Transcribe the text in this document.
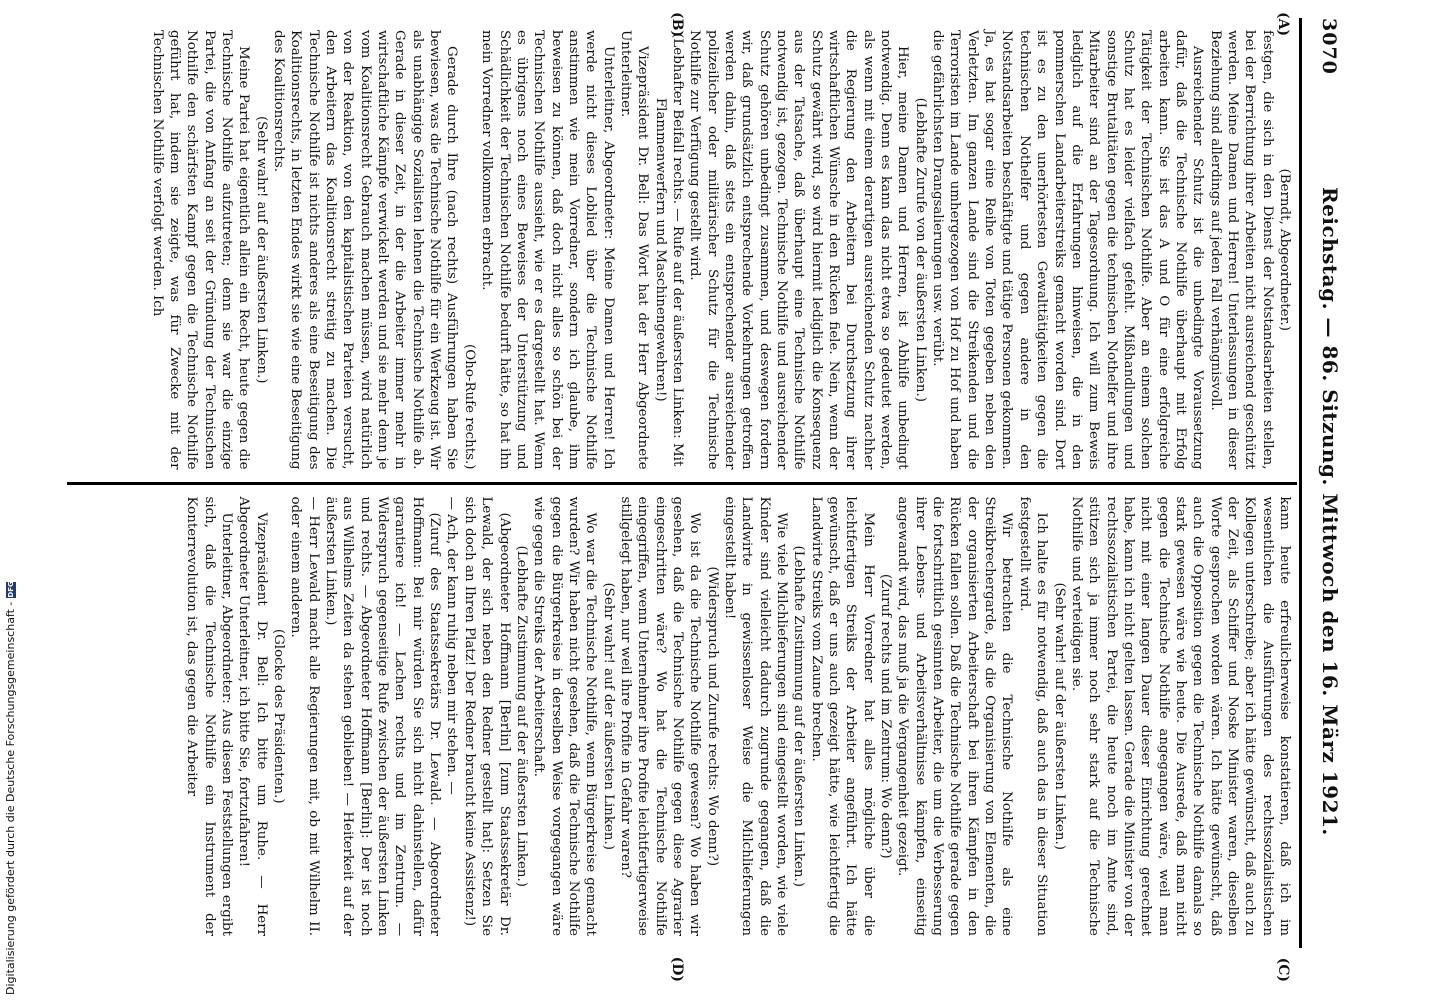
3070
Reichstag. — 86. Sitzung. Mittwoch den 16. März 1921.
(A)
(B)
(C)
(D)

(Berndt, Abgeordneter.)

festgen, die sich in den Dienst der Notstandsarbeiten stellen, bei der Berrichtung ihrer Arbeiten nicht ausreichend geschützt werden. Meine Damen und Herren! Unterlassungen in dieser Beziehung sind allerdings auf jeden Fall verhängnisvoll.

Ausreichender Schutz ist die unbedingte Voraussetzung dafür, daß die Technische Nothilfe überhaupt mit Erfolg arbeiten kann. Sie ist das A und O für eine erfolgreiche Tätigkeit der Technischen Nothilfe. Aber an einem solchen Schutz hat es leider vielfach gefehlt. Mißhandlungen und sonstige Brutalitäten gegen die technischen Nothelfer und ihre Mitarbeiter sind an der Tagesordnung. Ich will zum Beweis lediglich auf die Erfahrungen hinweisen, die in den pommerschen Landarbeiterstreiks gemacht worden sind. Dort ist es zu den unerhörtesten Gewalttätigkeiten gegen die technischen Nothelfer und gegen andere in den Notstandsarbeiten beschäftigte und tätige Personen gekommen. Ja, es hat sogar eine Reihe von Toten gegeben neben den Verletzten. Im ganzen Lande sind die Streikenden und die Terroristen im Lande umhergezogen von Hof zu Hof und haben die gefährlichsten Drangsalierungen usw. verübt.

(Lebhafte Zurufe von der äußersten Linken.)

Hier, meine Damen und Herren, ist Abhilfe unbedingt notwendig. Denn es kann das nicht etwa so gedeutet werden, als wenn mit einem derartigen ausreichenden Schutz nachher die Regierung den Arbeitern bei Durchsetzung ihrer wirtschaftlichen Wünsche in den Rücken fiele. Nein, wenn der Schutz gewährt wird, so wird hiermit lediglich die Konsequenz aus der Tatsache, daß überhaupt eine Technische Nothilfe notwendig ist, gezogen. Technische Nothilfe und ausreichender Schutz gehören unbedingt zusammen, und deswegen fordern wir, daß grundsätzlich entsprechende Vorkehrungen getroffen werden dahin, daß stets ein entsprechender ausreichender polizeilicher oder militärischer Schutz für die Technische Nothilfe zur Verfügung gestellt wird.

(Lebhafter Beifall rechts. — Rufe auf der äußersten Linken: Mit Flammenwerfern und Maschinengewehren!)

Vizepräsident Dr. Bell: Das Wort hat der Herr Abgeordnete Unterleitner.

Unterleitner, Abgeordneter: Meine Damen und Herren! Ich werde nicht dieses Loblied über die Technische Nothilfe anstimmen wie mein Vorredner, sondern ich glaube, ihm beweisen zu können, daß doch nicht alles so schön bei der Technischen Nothilfe aussieht, wie er es dargestellt hat. Wenn es übrigens noch eines Beweises der Unterstützung und Schädlichkeit der Technischen Nothilfe bedurft hätte, so hat ihn mein Vorredner vollkommen erbracht.

(Oho-Rufe rechts.)

Gerade durch Ihre (nach rechts) Ausführungen haben Sie bewiesen, was die Technische Nothilfe für ein Werkzeug ist. Wir als unabhängige Sozialisten lehnen die Technische Nothilfe ab. Gerade in dieser Zeit, in der die Arbeiter immer mehr in wirtschaftliche Kämpfe verwickelt werden und sie mehr denn je vom Koalitionsrecht Gebrauch machen müssen, wird natürlich von der Reaktion, von den kapitalistischen Parteien versucht, den Arbeitern das Koalitionsrecht streitig zu machen. Die Technische Nothilfe ist nichts anderes als eine Beseitigung des Koalitionsrechts, in letzten Endes wirkt sie wie eine Beseitigung des Koalitionsrechts.

(Sehr wahr! auf der äußersten Linken.)

Meine Partei hat eigentlich allein ein Recht, heute gegen die Technische Nothilfe aufzutreten; denn sie war die einzige Partei, die von Anfang an seit der Gründung der Technischen Nothilfe den schärfsten Kampf gegen die Technische Nothilfe geführt hat, indem sie zeigte, was für Zwecke mit der Technischen Nothilfe verfolgt werden. Ich

kann heute erfreulicherweise konstatieren, daß ich im wesentlichen die Ausführungen des rechtssozialistischen Kollegen unterschreibe; aber ich hätte gewünscht, daß auch zu der Zeit, als Schiffer und Noske Minister waren, dieselben Worte gesprochen worden wären. Ich hätte gewünscht, daß auch die Opposition gegen die Technische Nothilfe damals so stark gewesen wäre wie heute. Die Ausrede, daß man nicht gegen die Technische Nothilfe angegangen wäre, weil man nicht mit einer langen Dauer dieser Einrichtung gerechnet habe, kann ich nicht gelten lassen. Gerade die Minister von der rechtssozialistischen Partei, die heute noch im Amte sind, stützen sich ja immer noch sehr stark auf die Technische Nothilfe und verteidigen sie.

(Sehr wahr! auf der äußersten Linken.)

Ich halte es für notwendig, daß auch das in dieser Situation festgestellt wird.

Wir betrachten die Technische Nothilfe als eine Streikbrechergarde, als die Organisierung von Elementen, die der organisierten Arbeiterschaft bei ihren Kämpfen in den Rücken fallen sollen. Daß die Technische Nothilfe gerade gegen die fortschrittlich gesinnten Arbeiter, die um die Verbesserung ihrer Lebens- und Arbeitsverhältnisse kämpfen, einseitig angewandt wird, das muß ja die Vergangenheit gezeigt.

(Zuruf rechts und im Zentrum: Wo denn?)

Mein Herr Vorredner hat alles mögliche über die leichtfertigen Streiks der Arbeiter angeführt. Ich hätte gewünscht, daß er uns auch gezeigt hätte, wie leichtfertig die Landwirte Streiks vom Zaune brechen.

(Lebhafte Zustimmung auf der äußersten Linken.)

Wie viele Milchlieferungen sind eingestellt worden, wie viele Kinder sind vielleicht dadurch zugrunde gegangen, daß die Landwirte in gewissenloser Weise die Milchlieferungen eingestellt haben!

(Widerspruch und Zurufe rechts: Wo denn?)

Wo ist da die Technische Nothilfe gewesen? Wo haben wir gesehen, daß die Technische Nothilfe gegen diese Agrarier eingeschritten wäre? Wo hat die Technische Nothilfe eingegriffen, wenn Unternehmer ihre Profite leichtfertigerweise stillgelegt haben, nur weil ihre Profite in Gefahr waren?

(Sehr wahr! auf der äußersten Linken.)

Wo war die Technische Nothilfe, wenn Bürgerkreise gemacht wurden? Wir haben nicht gesehen, daß die Technische Nothilfe gegen die Bürgerkreise in derselben Weise vorgegangen wäre wie gegen die Streiks der Arbeiterschaft.

(Lebhafte Zustimmung auf der äußersten Linken.)

(Abgeordneter Hoffmann [Berlin] [zum Staatssekretär Dr. Lewald, der sich neben den Redner gestellt hat]: Setzen Sie sich doch an Ihren Platz! Der Redner braucht keine Assistenz!)

— Ach, der kann ruhig neben mir stehen. —

(Zuruf des Staatssekretärs Dr. Lewald. — Abgeordneter Hoffmann: Bei mir würden Sie sich nicht dahinstellen, dafür garantiere ich! — Lachen rechts und im Zentrum. — Widerspruch gegenseitige Rufe zwischen der äußersten Linken und rechts. — Abgeordneter Hoffmann [Berlin]: Der ist noch aus Wilhelms Zeiten da stehen geblieben! — Heiterkeit auf der äußersten Linken.)

— Herr Lewald macht alle Regierungen mit, ob mit Wilhelm II. oder einem anderen.

(Glocke des Präsidenten.)

Vizepräsident Dr. Bell: Ich bitte um Ruhe. — Herr Abgeordneter Unterleitner, ich bitte Sie, fortzufahren!

Unterleitner, Abgeordneter: Aus diesen Feststellungen ergibt sich, daß die Technische Nothilfe ein Instrument der Konterrevolution ist, das gegen die Arbeiter

Digitalisierung gefördert durch die Deutsche Forschungsgemeinschaft -
DFG
